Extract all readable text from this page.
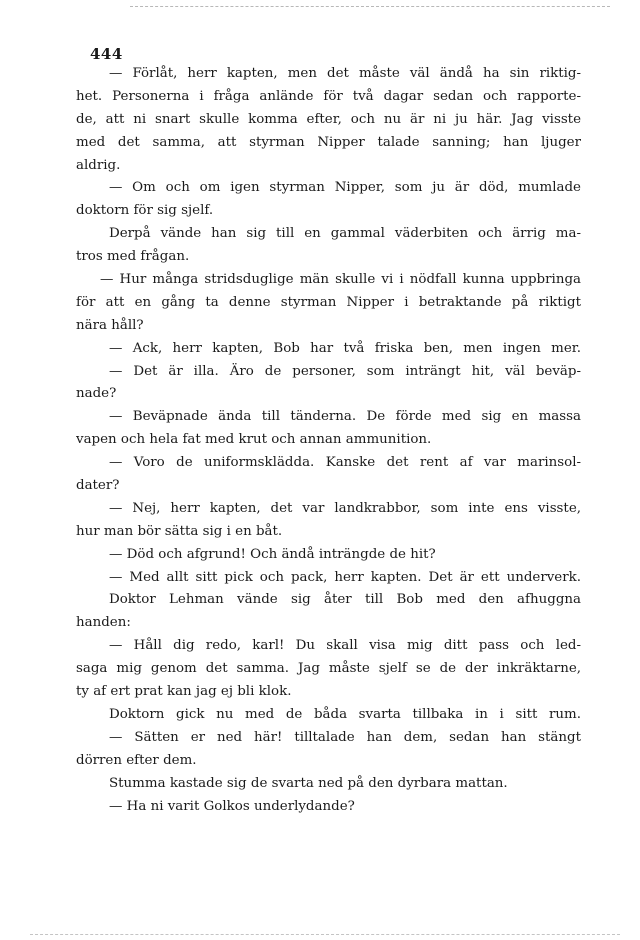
444
— Förlåt, herr kapten, men det måste väl ändå ha sin riktig-
het. Personerna i fråga anlände för två dagar sedan och rapporte-
de, att ni snart skulle komma efter, och nu är ni ju här. Jag visste
med det samma, att styrman Nipper talade sanning; han ljuger
aldrig.
— Om och om igen styrman Nipper, som ju är död, mumlade
doktorn för sig sjelf.
Derpå vände han sig till en gammal väderbiten och ärrig ma-
tros med frågan.
— Hur många stridsduglige män skulle vi i nödfall kunna uppbringa
för att en gång ta denne styrman Nipper i betraktande på riktigt
nära håll?
— Ack, herr kapten, Bob har två friska ben, men ingen mer.
— Det är illa. Äro de personer, som inträngt hit, väl beväp-
nade?
— Beväpnade ända till tänderna. De förde med sig en massa
vapen och hela fat med krut och annan ammunition.
— Voro de uniformsklädda. Kanske det rent af var marinsol-
dater?
— Nej, herr kapten, det var landkrabbor, som inte ens visste,
hur man bör sätta sig i en båt.
— Död och afgrund! Och ändå inträngde de hit?
— Med allt sitt pick och pack, herr kapten. Det är ett underverk.
Doktor Lehman vände sig åter till Bob med den afhuggna
handen:
— Håll dig redo, karl! Du skall visa mig ditt pass och led-
saga mig genom det samma. Jag måste sjelf se de der inkräktarne,
ty af ert prat kan jag ej bli klok.
Doktorn gick nu med de båda svarta tillbaka in i sitt rum.
— Sätten er ned här! tilltalade han dem, sedan han stängt
dörren efter dem.
Stumma kastade sig de svarta ned på den dyrbara mattan.
— Ha ni varit Golkos underlydande?
